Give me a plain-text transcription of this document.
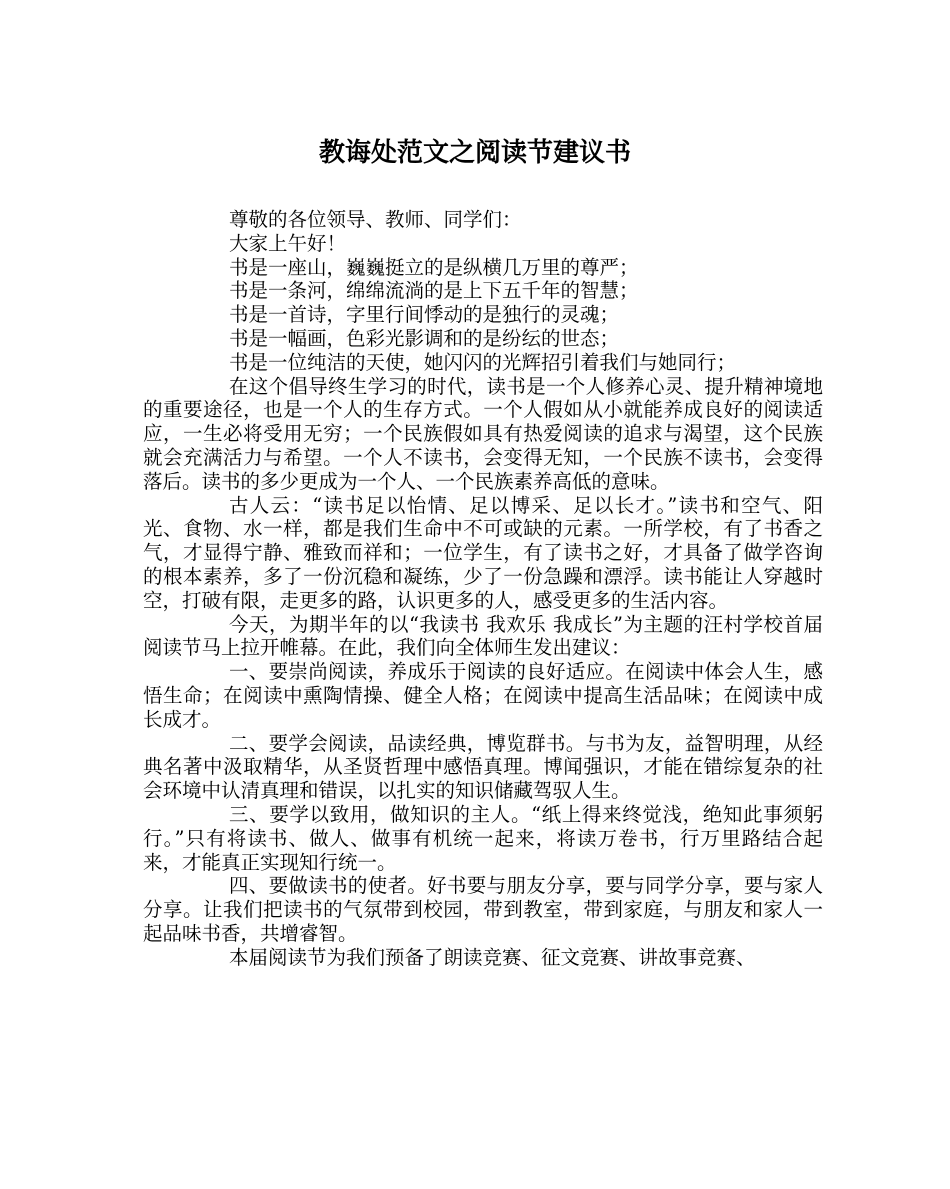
教诲处范文之阅读节建议书

尊敬的各位领导、教师、同学们：

大家上午好！

书是一座山，巍巍挺立的是纵横几万里的尊严；

书是一条河，绵绵流淌的是上下五千年的智慧；

书是一首诗，字里行间悸动的是独行的灵魂；

书是一幅画，色彩光影调和的是纷纭的世态；

书是一位纯洁的天使，她闪闪的光辉招引着我们与她同行；

在这个倡导终生学习的时代，读书是一个人修养心灵、提升精神境地的重要途径，也是一个人的生存方式。一个人假如从小就能养成良好的阅读适应，一生必将受用无穷；一个民族假如具有热爱阅读的追求与渴望，这个民族就会充满活力与希望。一个人不读书，会变得无知，一个民族不读书，会变得落后。读书的多少更成为一个人、一个民族素养高低的意味。

古人云：“读书足以怡情、足以博采、足以长才。”读书和空气、阳光、食物、水一样，都是我们生命中不可或缺的元素。一所学校，有了书香之气，才显得宁静、雅致而祥和；一位学生，有了读书之好，才具备了做学咨询的根本素养，多了一份沉稳和凝练，少了一份急躁和漂浮。读书能让人穿越时空，打破有限，走更多的路，认识更多的人，感受更多的生活内容。

今天，为期半年的以“我读书 我欢乐 我成长”为主题的汪村学校首届阅读节马上拉开帷幕。在此，我们向全体师生发出建议：

一、要崇尚阅读，养成乐于阅读的良好适应。在阅读中体会人生，感悟生命；在阅读中熏陶情操、健全人格；在阅读中提高生活品味；在阅读中成长成才。

二、要学会阅读，品读经典，博览群书。与书为友，益智明理，从经典名著中汲取精华，从圣贤哲理中感悟真理。博闻强识，才能在错综复杂的社会环境中认清真理和错误，以扎实的知识储藏驾驭人生。

三、要学以致用，做知识的主人。“纸上得来终觉浅，绝知此事须躬行。”只有将读书、做人、做事有机统一起来，将读万卷书，行万里路结合起来，才能真正实现知行统一。

四、要做读书的使者。好书要与朋友分享，要与同学分享，要与家人分享。让我们把读书的气氛带到校园，带到教室，带到家庭，与朋友和家人一起品味书香，共增睿智。

本届阅读节为我们预备了朗读竞赛、征文竞赛、讲故事竞赛、
